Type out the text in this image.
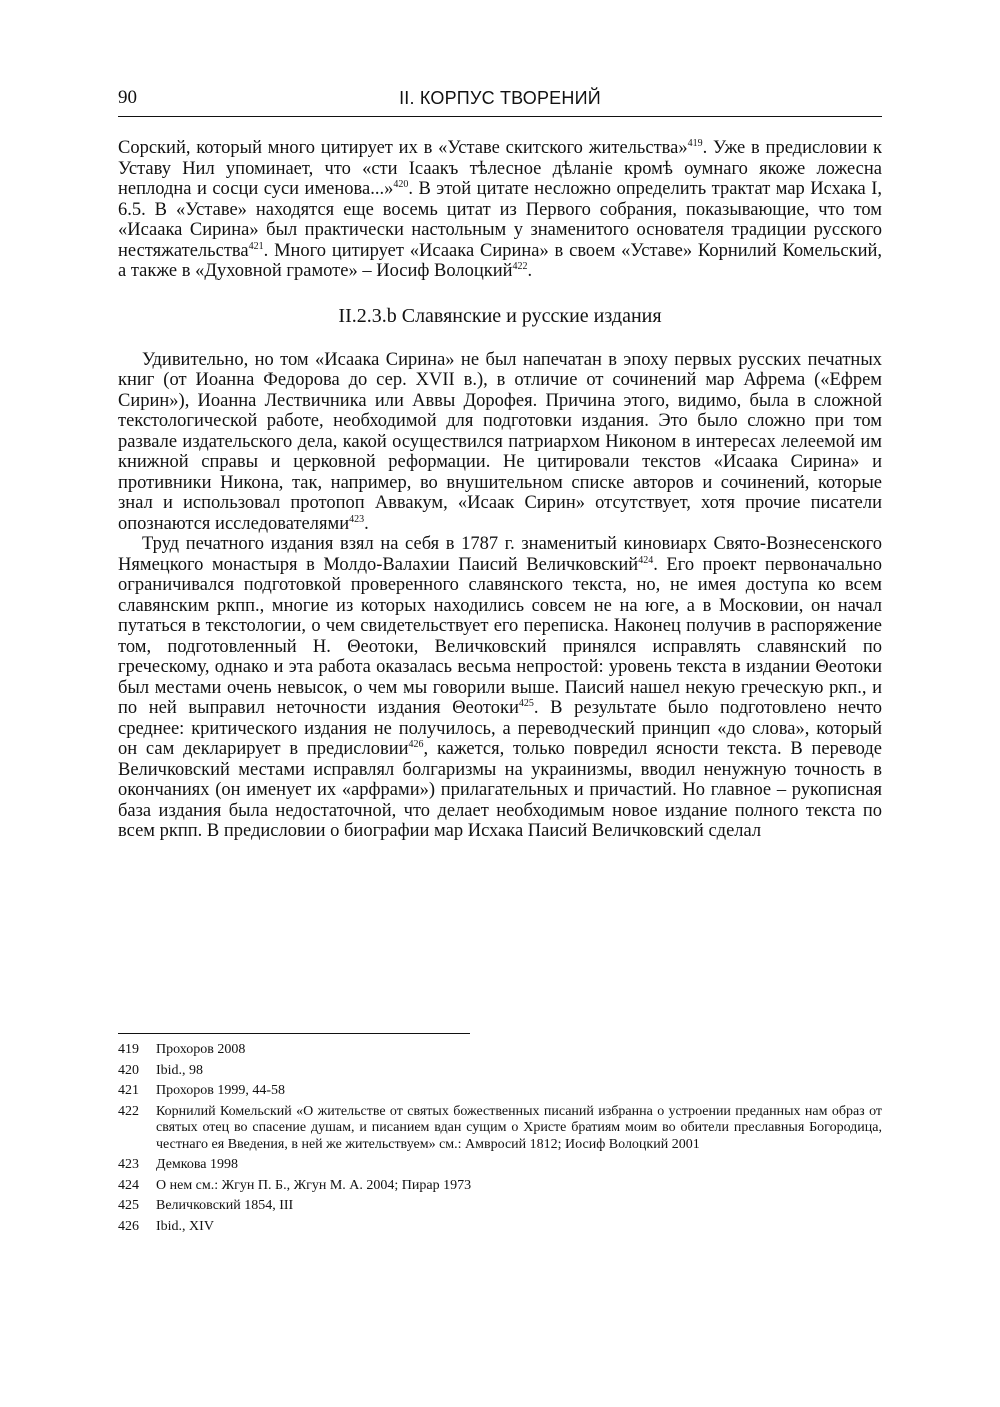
90	II. КОРПУС ТВОРЕНИЙ

Сорский, который много цитирует их в «Уставе скитского жительства»$^{419}$. Уже в предисловии к Уставу Нил упоминает, что «сти Ісаакъ тѣлесное дѣланіе кромѣ оумнаго якоже ложесна неплодна и сосци суси именова...»$^{420}$. В этой цитате несложно определить трактат мар Исхака I, 6.5. В «Уставе» находятся еще восемь цитат из Первого собрания, показывающие, что том «Исаака Сирина» был практически настольным у знаменитого основателя традиции русского нестяжательства$^{421}$. Много цитирует «Исаака Сирина» в своем «Уставе» Корнилий Комельский, а также в «Духовной грамоте» – Иосиф Волоцкий$^{422}$.

II.2.3.b Славянские и русские издания

Удивительно, но том «Исаака Сирина» не был напечатан в эпоху первых русских печатных книг (от Иоанна Федорова до сер. XVII в.), в отличие от сочинений мар Афрема («Ефрем Сирин»), Иоанна Лествичника или Аввы Дорофея. Причина этого, видимо, была в сложной текстологической работе, необходимой для подготовки издания. Это было сложно при том развале издательского дела, какой осуществился патриархом Никоном в интересах лелеемой им книжной справы и церковной реформации. Не цитировали текстов «Исаака Сирина» и противники Никона, так, например, во внушительном списке авторов и сочинений, которые знал и использовал протопоп Аввакум, «Исаак Сирин» отсутствует, хотя прочие писатели опознаются исследователями$^{423}$.

Труд печатного издания взял на себя в 1787 г. знаменитый киновиарх Свято-Вознесенского Нямецкого монастыря в Молдо-Валахии Паисий Величковский$^{424}$. Его проект первоначально ограничивался подготовкой проверенного славянского текста, но, не имея доступа ко всем славянским ркпп., многие из которых находились совсем не на юге, а в Московии, он начал путаться в текстологии, о чем свидетельствует его переписка. Наконец получив в распоряжение том, подготовленный Н. Θеотоки, Величковский принялся исправлять славянский по греческому, однако и эта работа оказалась весьма непростой: уровень текста в издании Θеотоки был местами очень невысок, о чем мы говорили выше. Паисий нашел некую греческую ркп., и по ней выправил неточности издания Θеотоки$^{425}$. В результате было подготовлено нечто среднее: критического издания не получилось, а переводческий принцип «до слова», который он сам декларирует в предисловии$^{426}$, кажется, только повредил ясности текста. В переводе Величковский местами исправлял болгаризмы на украинизмы, вводил ненужную точность в окончаниях (он именует их «арфрами») прилагательных и причастий. Но главное – рукописная база издания была недостаточной, что делает необходимым новое издание полного текста по всем ркпп. В предисловии о биографии мар Исхака Паисий Величковский сделал

419	Прохоров 2008
420	Ibid., 98
421	Прохоров 1999, 44-58
422	Корнилий Комельский «О жительстве от святых божественных писаний избранна о устроении преданных нам образ от святых отец во спасение душам, и писанием вдан сущим о Христе братиям моим во обители преславныя Богородица, честнаго ея Введения, в ней же жительствуем» см.: Амвросий 1812; Иосиф Волоцкий 2001
423	Демкова 1998
424	О нем см.: Жгун П. Б., Жгун М. А. 2004; Пирар 1973
425	Величковский 1854, III
426	Ibid., XIV
